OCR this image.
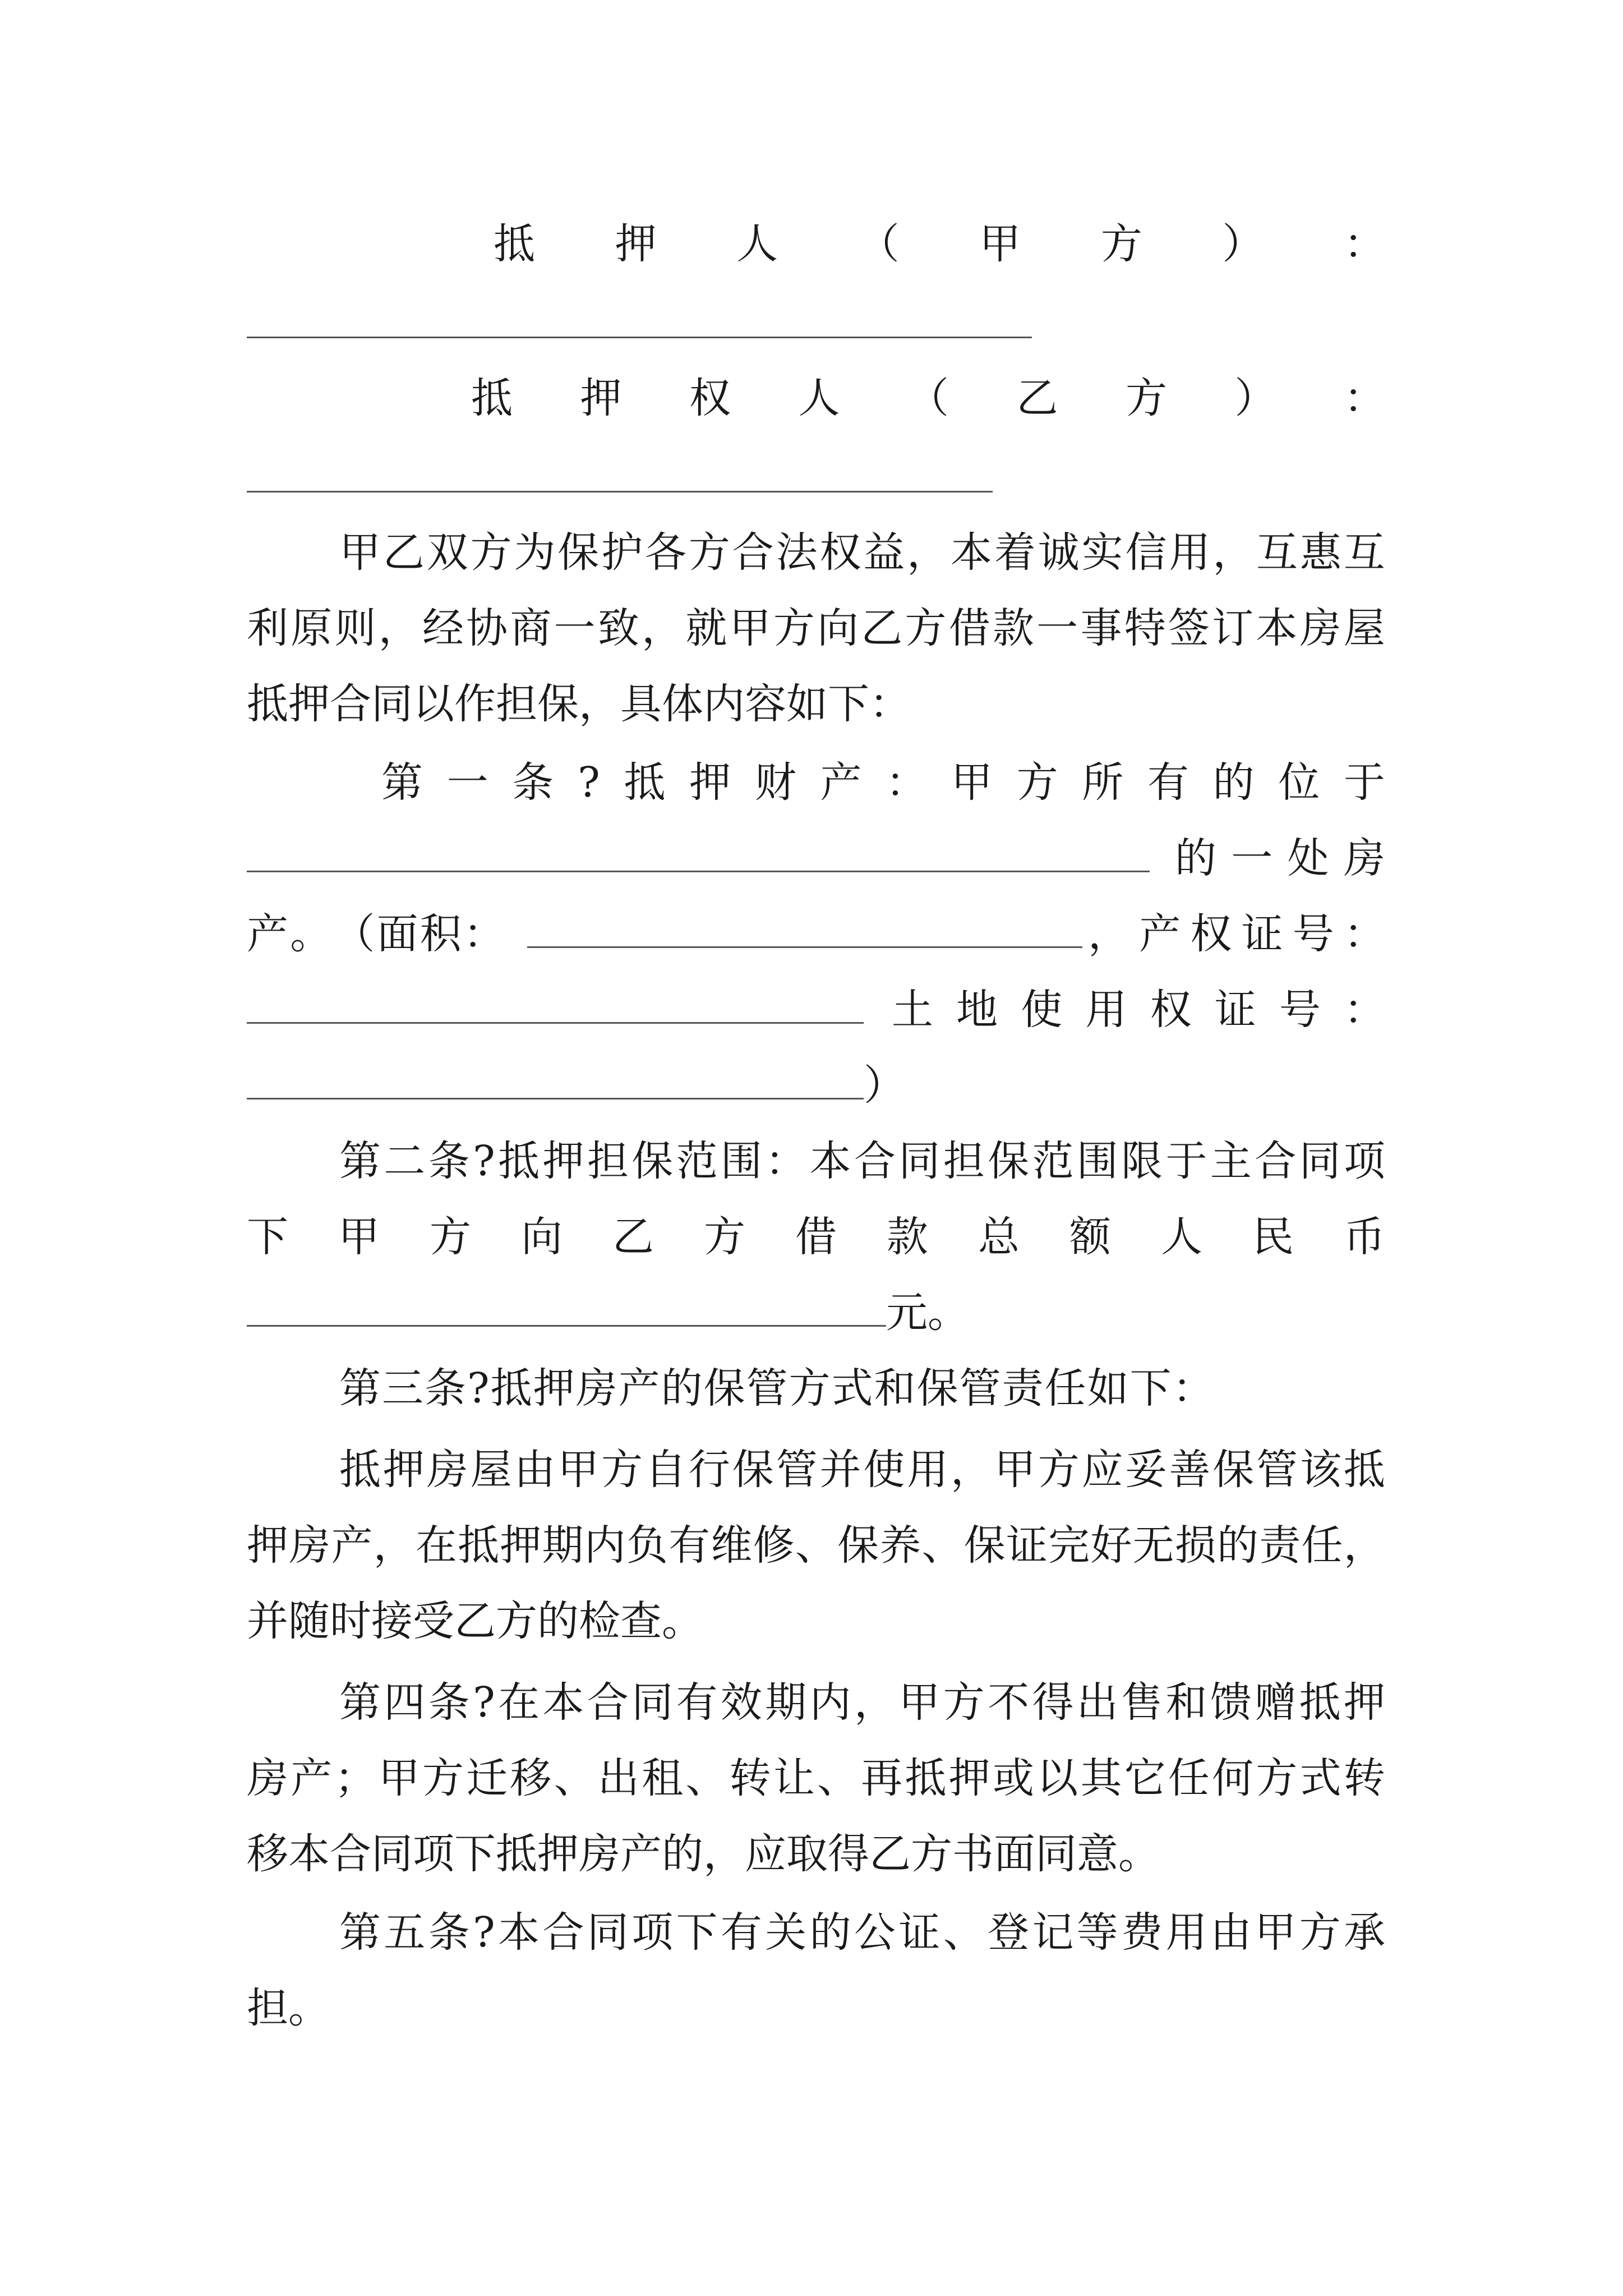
抵 押 人 （ 甲 方 ） ：
抵 押 权 人 （ 乙 方 ） ：
甲 乙 双 方 为 保 护 各 方 合 法 权 益 ， 本 着 诚 实 信 用 ， 互 惠 互
利 原 则 ， 经 协 商 一 致 ， 就 甲 方 向 乙 方 借 款 一 事 特 签 订 本 房 屋
抵押合同以作担保，具体内容如下：
第 一 条 ? 抵 押 财 产 ： 甲 方 所 有 的 位 于
的 一 处 房
产 。 （ 面 积 ：	， 产 权 证 号 ：
土 地 使 用 权 证 号 ：
）
第 二 条 ? 抵 押 担 保 范 围 ： 本 合 同 担 保 范 围 限 于 主 合 同 项
下 甲 方 向 乙 方 借 款 总 额 人 民 币
元。
第三条?抵押房产的保管方式和保管责任如下：
抵 押 房 屋 由 甲 方 自 行 保 管 并 使 用 ， 甲 方 应 妥 善 保 管 该 抵
押 房 产 ， 在 抵 押 期 内 负 有 维 修 、 保 养 、 保 证 完 好 无 损 的 责 任 ，
并随时接受乙方的检查。
第 四 条 ? 在 本 合 同 有 效 期 内 ， 甲 方 不 得 出 售 和 馈 赠 抵 押
房 产 ； 甲 方 迁 移 、 出 租 、 转 让 、 再 抵 押 或 以 其 它 任 何 方 式 转
移本合同项下抵押房产的，应取得乙方书面同意。
第 五 条 ? 本 合 同 项 下 有 关 的 公 证 、 登 记 等 费 用 由 甲 方 承
担。
